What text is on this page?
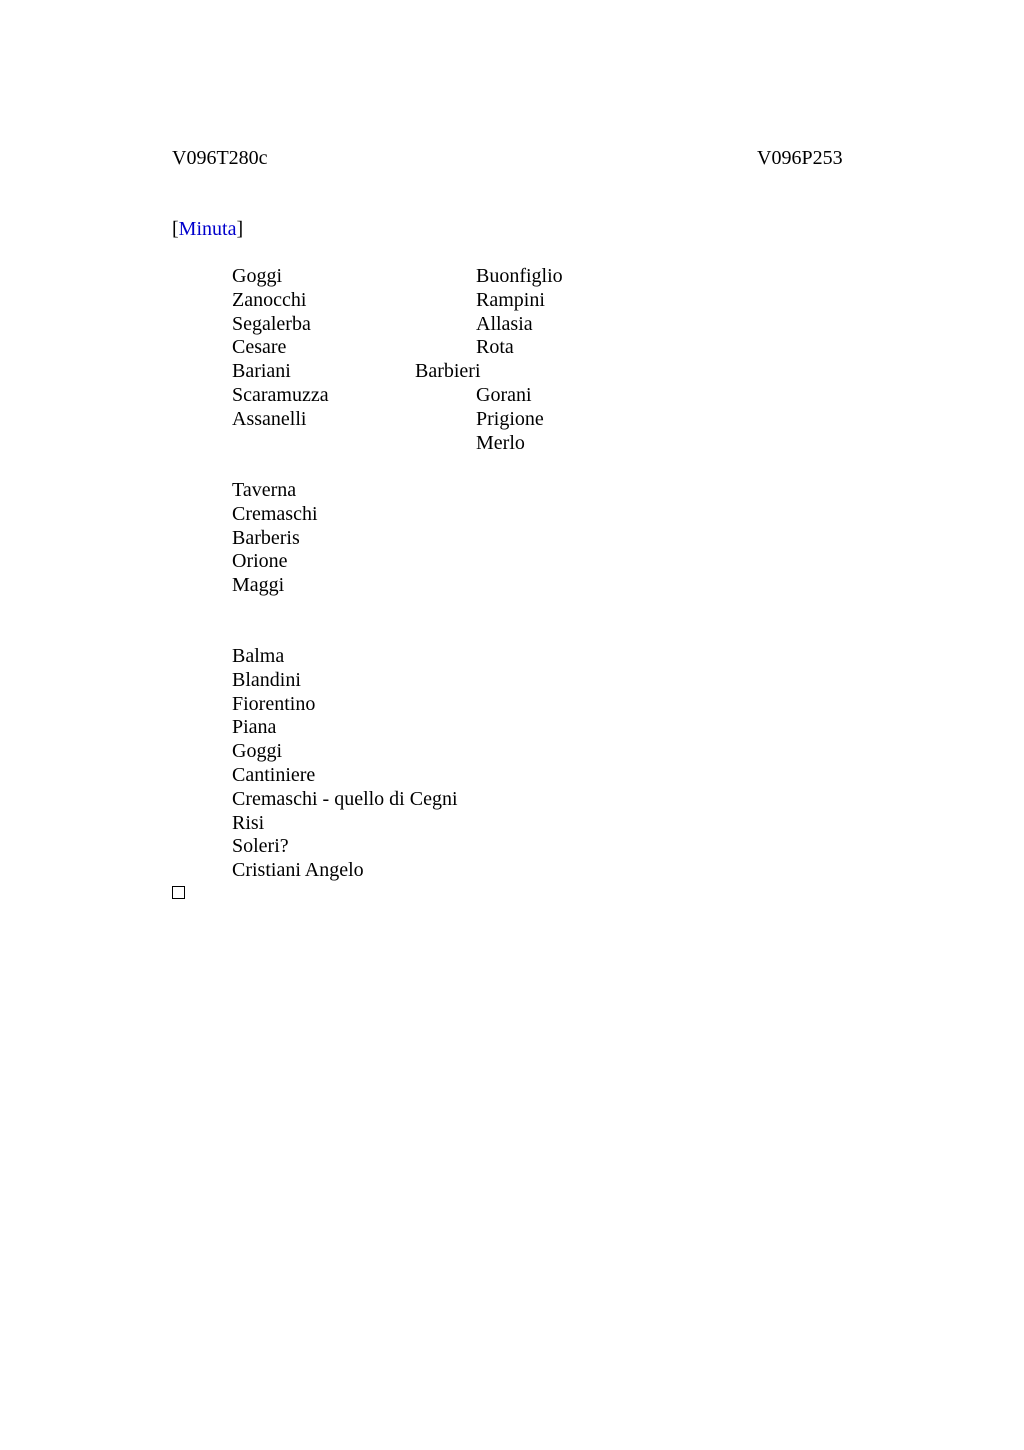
V096T280c	V096P253
[Minuta]
Goggi
Zanocchi
Segalerba
Cesare
Bariani
Scaramuzza
Assanelli
Buonfiglio
Rampini
Allasia
Rota
Barbieri
Gorani
Prigione
Merlo
Taverna
Cremaschi
Barberis
Orione
Maggi
Balma
Blandini
Fiorentino
Piana
Goggi
Cantiniere
Cremaschi - quello di Cegni
Risi
Soleri?
Cristiani Angelo
